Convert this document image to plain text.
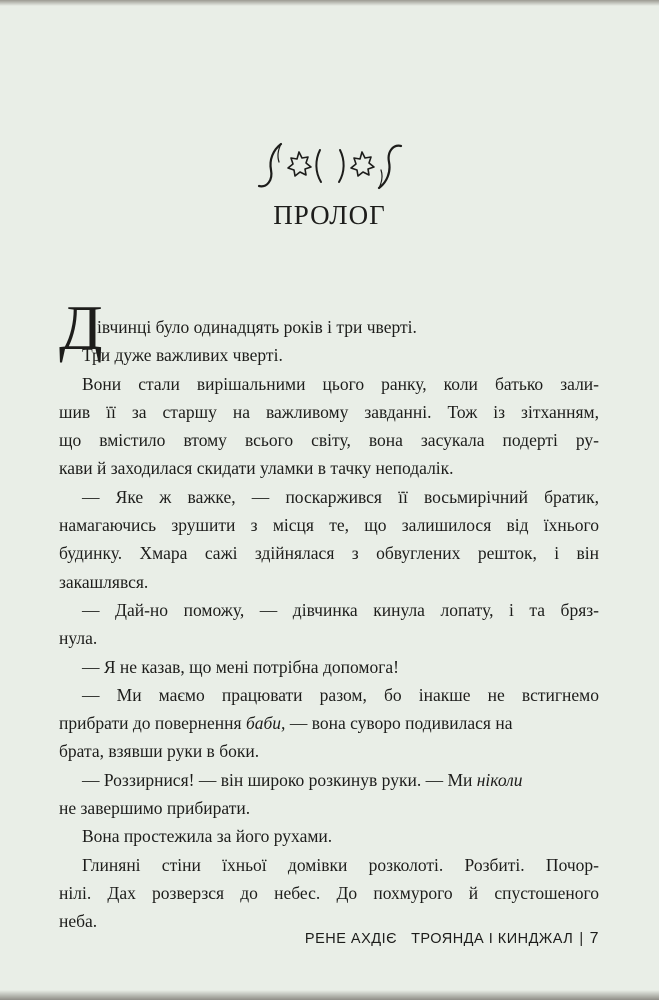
ПРОЛОГ
Д
івчинці було одинадцять років і три чверті.
Три дуже важливих чверті.
Вони стали вирішальними цього ранку, коли батько зали-
шив її за старшу на важливому завданні. Тож із зітханням,
що вмістило втому всього світу, вона засукала подерті ру-
кави й заходилася скидати уламки в тачку неподалік.
— Яке ж важке, — поскаржився її восьмирічний братик,
намагаючись зрушити з місця те, що залишилося від їхнього
будинку. Хмара сажі здійнялася з обвуглених решток, і він
закашлявся.
— Дай-но поможу, — дівчинка кинула лопату, і та бряз-
нула.
— Я не казав, що мені потрібна допомога!
— Ми маємо працювати разом, бо інакше не встигнемо
прибрати до повернення баби, — вона суворо подивилася на
брата, взявши руки в боки.
— Роззирнися! — він широко розкинув руки. — Ми ніколи
не завершимо прибирати.
Вона простежила за його рухами.
Глиняні стіни їхньої домівки розколоті. Розбиті. Почор-
нілі. Дах розверзся до небес. До похмурого й спустошеного
неба.
РЕНЕ АХДІЄ ТРОЯНДА І КИНДЖАЛ | 7
